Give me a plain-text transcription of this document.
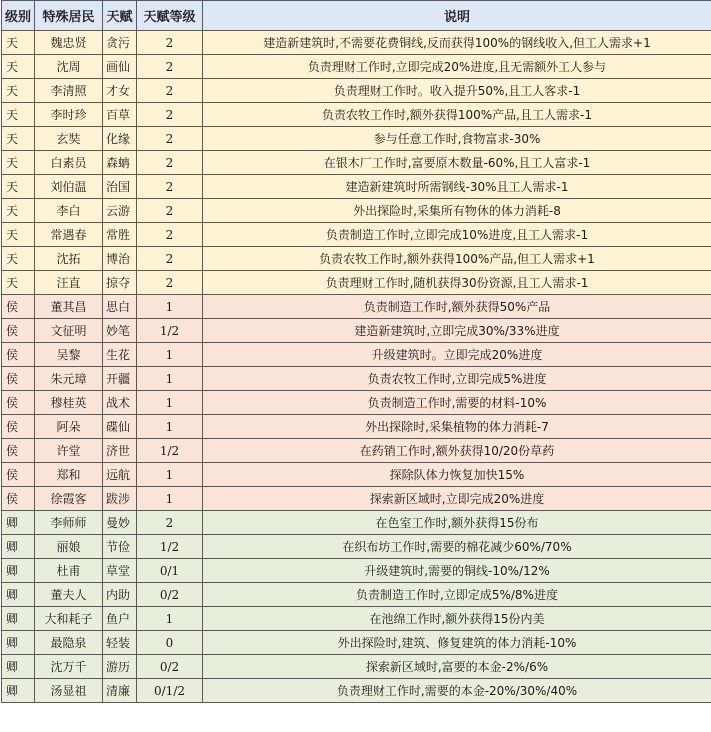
级别	特殊居民	天赋	天赋等级	说明
天	魏忠贤	贪污	2	建造新建筑时,不需要花费铜线,反而获得100%的钢线收入,但工人需求+1
天	沈周	画仙	2	负责理财工作时,立即完成20%进度,且无需额外工人参与
天	李清照	才女	2	负责理财工作时。收入提升50%,且工人客求-1
天	李时珍	百草	2	负责农牧工作时,额外获得100%产品,且工人需求-1
天	玄奘	化缘	2	参与任意工作时,食物富求-30%
天	白素员	森蚺	2	在银木厂工作时,富要原木数量-60%,且工人富求-1
天	刘伯温	治国	2	建造新建筑时所需钢线-30%且工人需求-1
天	李白	云游	2	外出探险时,采集所有物休的体力消耗-8
天	常遇春	常胜	2	负责制造工作时,立即完成10%进度,且工人需求-1
天	沈拓	博治	2	负责农牧工作时,额外获得100%产品,但工人需求+1
天	汪直	掠夺	2	负责理财工作时,随机获得30份资源,且工人需求-1
侯	董其昌	思白	1	负责制造工作时,额外获得50%产品
侯	文征明	妙笔	1/2	建造新建筑时,立即完成30%/33%进度
侯	吴黎	生花	1	升级建筑时。立即完成20%进度
侯	朱元璋	开疆	1	负责农牧工作时,立即完成5%进度
侯	穆桂英	战术	1	负责制造工作时,需要的材料-10%
侯	阿朵	碟仙	1	外出探除时,采集植物的体力消耗-7
侯	许堂	济世	1/2	在药销工作时,额外获得10/20份草药
侯	郑和	远航	1	探除队体力恢复加快15%
侯	徐霞客	跋涉	1	探索新区域时,立即完成20%进度
卿	李师师	曼妙	2	在色室工作时,额外获得15份布
卿	丽娘	节俭	1/2	在织布坊工作时,需要的棉花减少60%/70%
卿	杜甫	草堂	0/1	升级建筑时,需要的铜线-10%/12%
卿	董夫人	内助	0/2	负责制造工作时,立即定成5%/8%进度
卿	大和耗子	鱼户	1	在池绵工作时,额外获得15份内美
卿	最隐泉	轻装	0	外出探险时,建筑、修复建筑的体力消耗-10%
卿	沈万千	游历	0/2	探索新区域时,富要的本金-2%/6%
卿	汤显祖	清廉	0/1/2	负责理财工作时,需要的本金-20%/30%/40%
